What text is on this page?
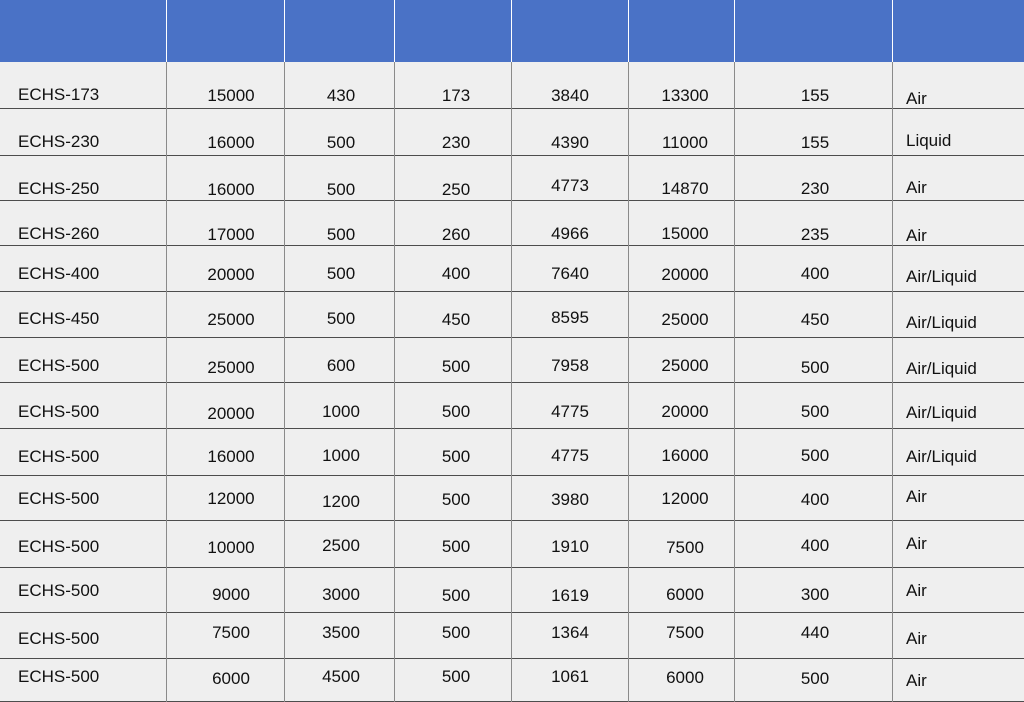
ECHS-173	15000	430	173	3840	13300	155	Air
ECHS-230	16000	500	230	4390	11000	155	Liquid
ECHS-250	16000	500	250	4773	14870	230	Air
ECHS-260	17000	500	260	4966	15000	235	Air
ECHS-400	20000	500	400	7640	20000	400	Air/Liquid
ECHS-450	25000	500	450	8595	25000	450	Air/Liquid
ECHS-500	25000	600	500	7958	25000	500	Air/Liquid
ECHS-500	20000	1000	500	4775	20000	500	Air/Liquid
ECHS-500	16000	1000	500	4775	16000	500	Air/Liquid
ECHS-500	12000	1200	500	3980	12000	400	Air
ECHS-500	10000	2500	500	1910	7500	400	Air
ECHS-500	9000	3000	500	1619	6000	300	Air
ECHS-500	7500	3500	500	1364	7500	440	Air
ECHS-500	6000	4500	500	1061	6000	500	Air
